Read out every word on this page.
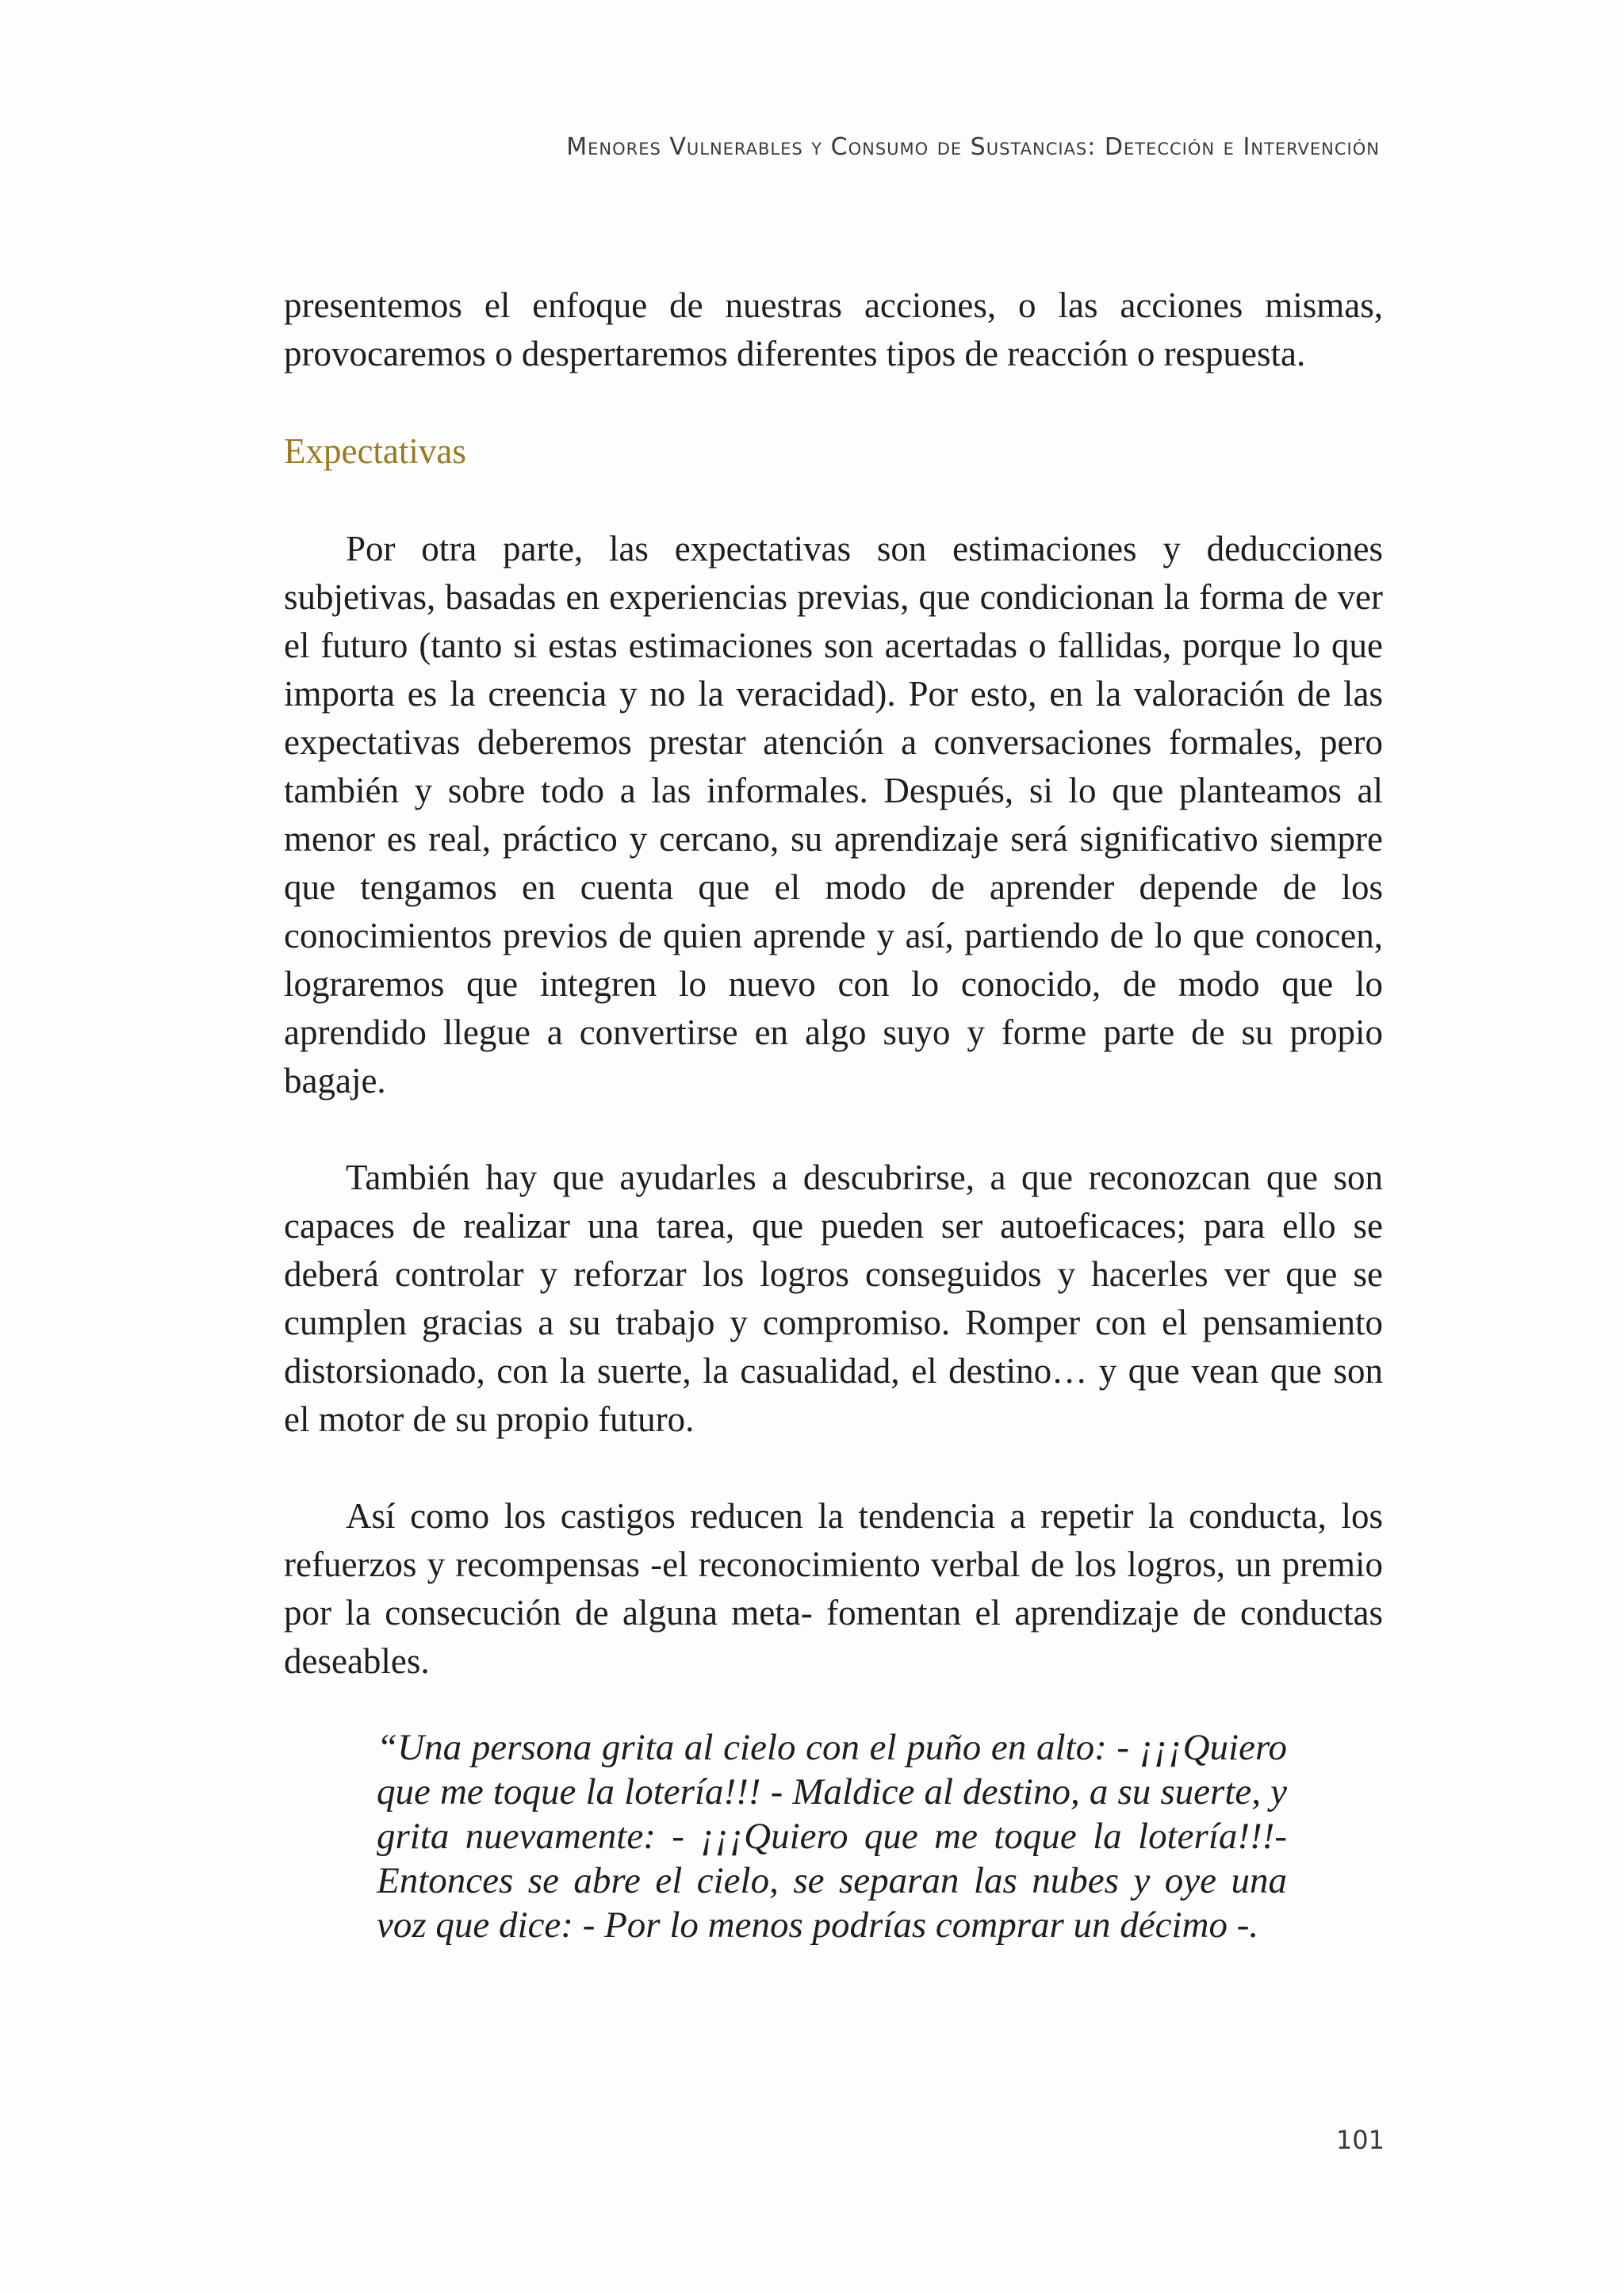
Menores Vulnerables y Consumo de Sustancias: Detección e Intervención

presentemos el enfoque de nuestras acciones, o las acciones mismas, provocaremos o despertaremos diferentes tipos de reacción o respuesta.

Expectativas

Por otra parte, las expectativas son estimaciones y deducciones subjetivas, basadas en experiencias previas, que condicionan la forma de ver el futuro (tanto si estas estimaciones son acertadas o fallidas, porque lo que importa es la creencia y no la veracidad). Por esto, en la valoración de las expectativas deberemos prestar atención a conversaciones formales, pero también y sobre todo a las informales. Después, si lo que planteamos al menor es real, práctico y cercano, su aprendizaje será significativo siempre que tengamos en cuenta que el modo de aprender depende de los conocimientos previos de quien aprende y así, partiendo de lo que conocen, lograremos que integren lo nuevo con lo conocido, de modo que lo aprendido llegue a convertirse en algo suyo y forme parte de su propio bagaje.

También hay que ayudarles a descubrirse, a que reconozcan que son capaces de realizar una tarea, que pueden ser autoeficaces; para ello se deberá controlar y reforzar los logros conseguidos y hacerles ver que se cumplen gracias a su trabajo y compromiso. Romper con el pensamiento distorsionado, con la suerte, la casualidad, el destino… y que vean que son el motor de su propio futuro.

Así como los castigos reducen la tendencia a repetir la conducta, los refuerzos y recompensas -el reconocimiento verbal de los logros, un premio por la consecución de alguna meta- fomentan el aprendizaje de conductas deseables.

“Una persona grita al cielo con el puño en alto: - ¡¡¡Quiero que me toque la lotería!!! - Maldice al destino, a su suerte, y grita nuevamente: - ¡¡¡Quiero que me toque la lotería!!!- Entonces se abre el cielo, se separan las nubes y oye una voz que dice: - Por lo menos podrías comprar un décimo -.

101
